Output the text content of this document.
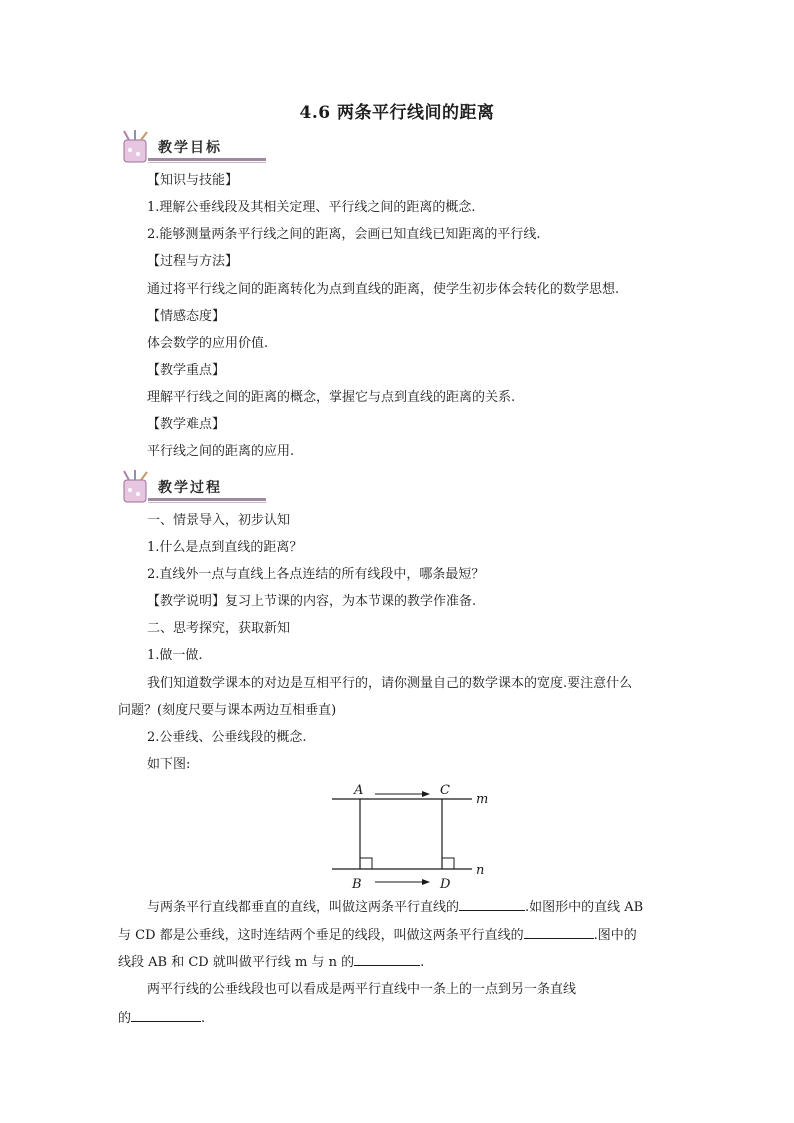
4.6 两条平行线间的距离
教学目标
【知识与技能】
1.理解公垂线段及其相关定理、平行线之间的距离的概念.
2.能够测量两条平行线之间的距离，会画已知直线已知距离的平行线.
【过程与方法】
通过将平行线之间的距离转化为点到直线的距离，使学生初步体会转化的数学思想.
【情感态度】
体会数学的应用价值.
【教学重点】
理解平行线之间的距离的概念，掌握它与点到直线的距离的关系.
【教学难点】
平行线之间的距离的应用.
教学过程
一、情景导入，初步认知
1.什么是点到直线的距离？
2.直线外一点与直线上各点连结的所有线段中，哪条最短？
【教学说明】复习上节课的内容，为本节课的教学作准备.
二、思考探究，获取新知
1.做一做.
我们知道数学课本的对边是互相平行的，请你测量自己的数学课本的宽度.要注意什么
问题？(刻度尺要与课本两边互相垂直)
2.公垂线、公垂线段的概念.
如下图:
A	C
m
B	D
n
与两条平行直线都垂直的直线，叫做这两条平行直线的	.如图形中的直线 AB
与 CD 都是公垂线，这时连结两个垂足的线段，叫做这两条平行直线的	.图中的
线段 AB 和 CD 就叫做平行线 m 与 n 的	.
两平行线的公垂线段也可以看成是两平行直线中一条上的一点到另一条直线
的	.
